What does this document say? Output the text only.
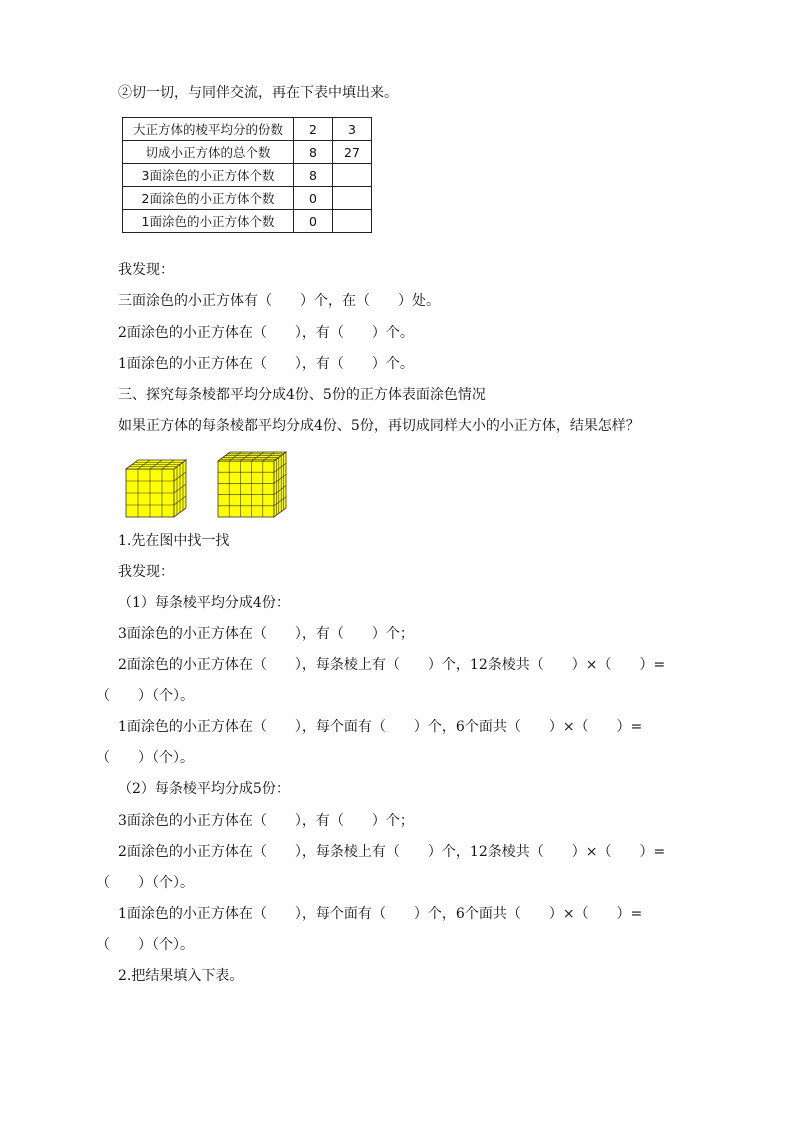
②切一切，与同伴交流，再在下表中填出来。
大正方体的棱平均分的份数	2	3
切成小正方体的总个数	8	27
3面涂色的小正方体个数	8	
2面涂色的小正方体个数	0	
1面涂色的小正方体个数	0	
我发现：
三面涂色的小正方体有（　　）个，在（　　）处。
2面涂色的小正方体在（　　），有（　　）个。
1面涂色的小正方体在（　　），有（　　）个。
三、探究每条棱都平均分成4份、5份的正方体表面涂色情况
如果正方体的每条棱都平均分成4份、5份，再切成同样大小的小正方体，结果怎样？
1.先在图中找一找
我发现：
（1）每条棱平均分成4份：
3面涂色的小正方体在（　　），有（　　）个；
2面涂色的小正方体在（　　），每条棱上有（　　）个，12条棱共（　　）×（　　）=
（　　）（个）。
1面涂色的小正方体在（　　），每个面有（　　）个，6个面共（　　）×（　　）=
（　　）（个）。
（2）每条棱平均分成5份：
3面涂色的小正方体在（　　），有（　　）个；
2面涂色的小正方体在（　　），每条棱上有（　　）个，12条棱共（　　）×（　　）=
（　　）（个）。
1面涂色的小正方体在（　　），每个面有（　　）个，6个面共（　　）×（　　）=
（　　）（个）。
2.把结果填入下表。
